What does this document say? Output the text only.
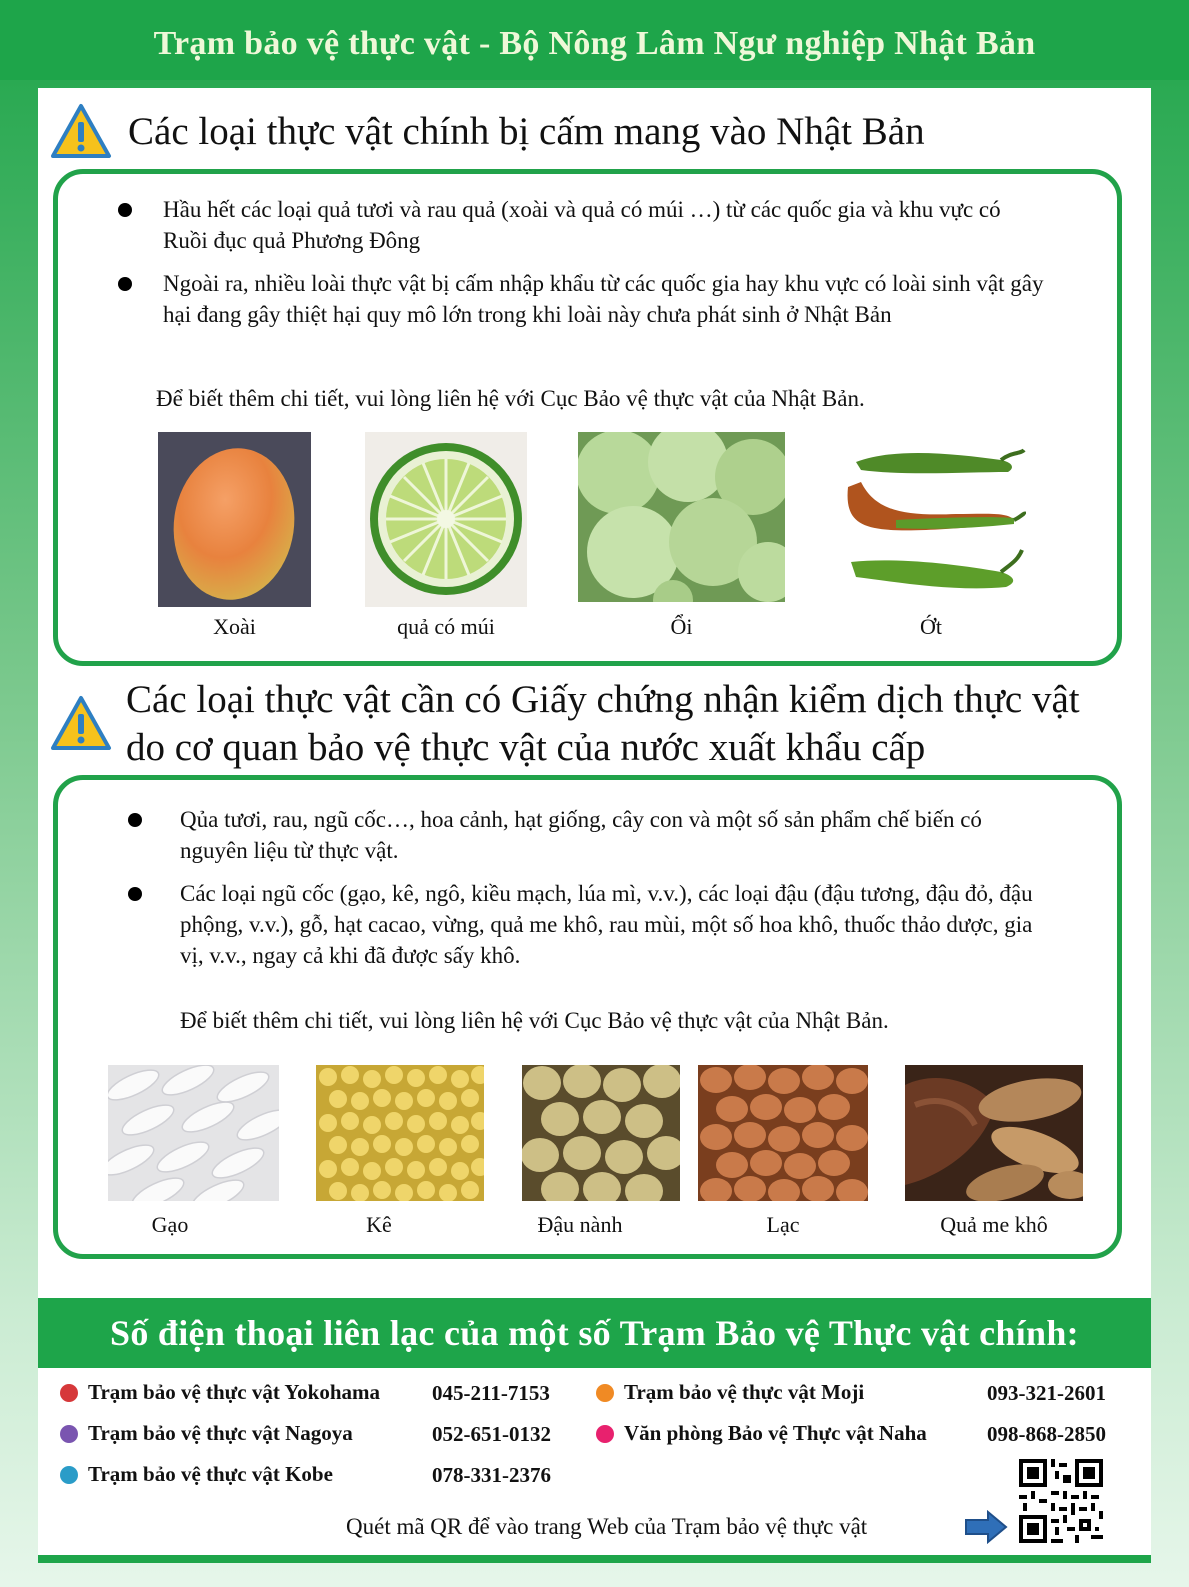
Trạm bảo vệ thực vật - Bộ Nông Lâm Ngư nghiệp Nhật Bản
Các loại thực vật chính bị cấm mang vào Nhật Bản
Hầu hết các loại quả tươi và rau quả (xoài và quả có múi …) từ các quốc gia và khu vực có Ruồi đục quả Phương Đông
Ngoài ra, nhiều loài thực vật bị cấm nhập khẩu từ các quốc gia hay khu vực có loài sinh vật gây hại đang gây thiệt hại quy mô lớn trong khi loài này chưa phát sinh ở Nhật Bản
Để biết thêm chi tiết, vui lòng liên hệ với Cục Bảo vệ thực vật của Nhật Bản.
Xoài	quả có múi	Ổi	Ớt
Các loại thực vật cần có Giấy chứng nhận kiểm dịch thực vật
do cơ quan bảo vệ thực vật của nước xuất khẩu cấp
Qủa tươi, rau, ngũ cốc…, hoa cảnh, hạt giống, cây con và một số sản phẩm chế biến có nguyên liệu từ thực vật.
Các loại ngũ cốc (gạo, kê, ngô, kiều mạch, lúa mì, v.v.), các loại đậu (đậu tương, đậu đỏ, đậu phộng, v.v.), gỗ, hạt cacao, vừng, quả me khô, rau mùi, một số hoa khô, thuốc thảo dược, gia vị, v.v., ngay cả khi đã được sấy khô.
Để biết thêm chi tiết, vui lòng liên hệ với Cục Bảo vệ thực vật của Nhật Bản.
Gạo	Kê	Đậu nành	Lạc	Quả me khô
Số điện thoại liên lạc của một số Trạm Bảo vệ Thực vật chính:
Trạm bảo vệ thực vật Yokohama 045-211-7153
Trạm bảo vệ thực vật Nagoya	052-651-0132
Trạm bảo vệ thực vật Kobe	078-331-2376
Trạm bảo vệ thực vật Moji	093-321-2601
Văn phòng Bảo vệ Thực vật Naha	098-868-2850
Quét mã QR để vào trang Web của Trạm bảo vệ thực vật
